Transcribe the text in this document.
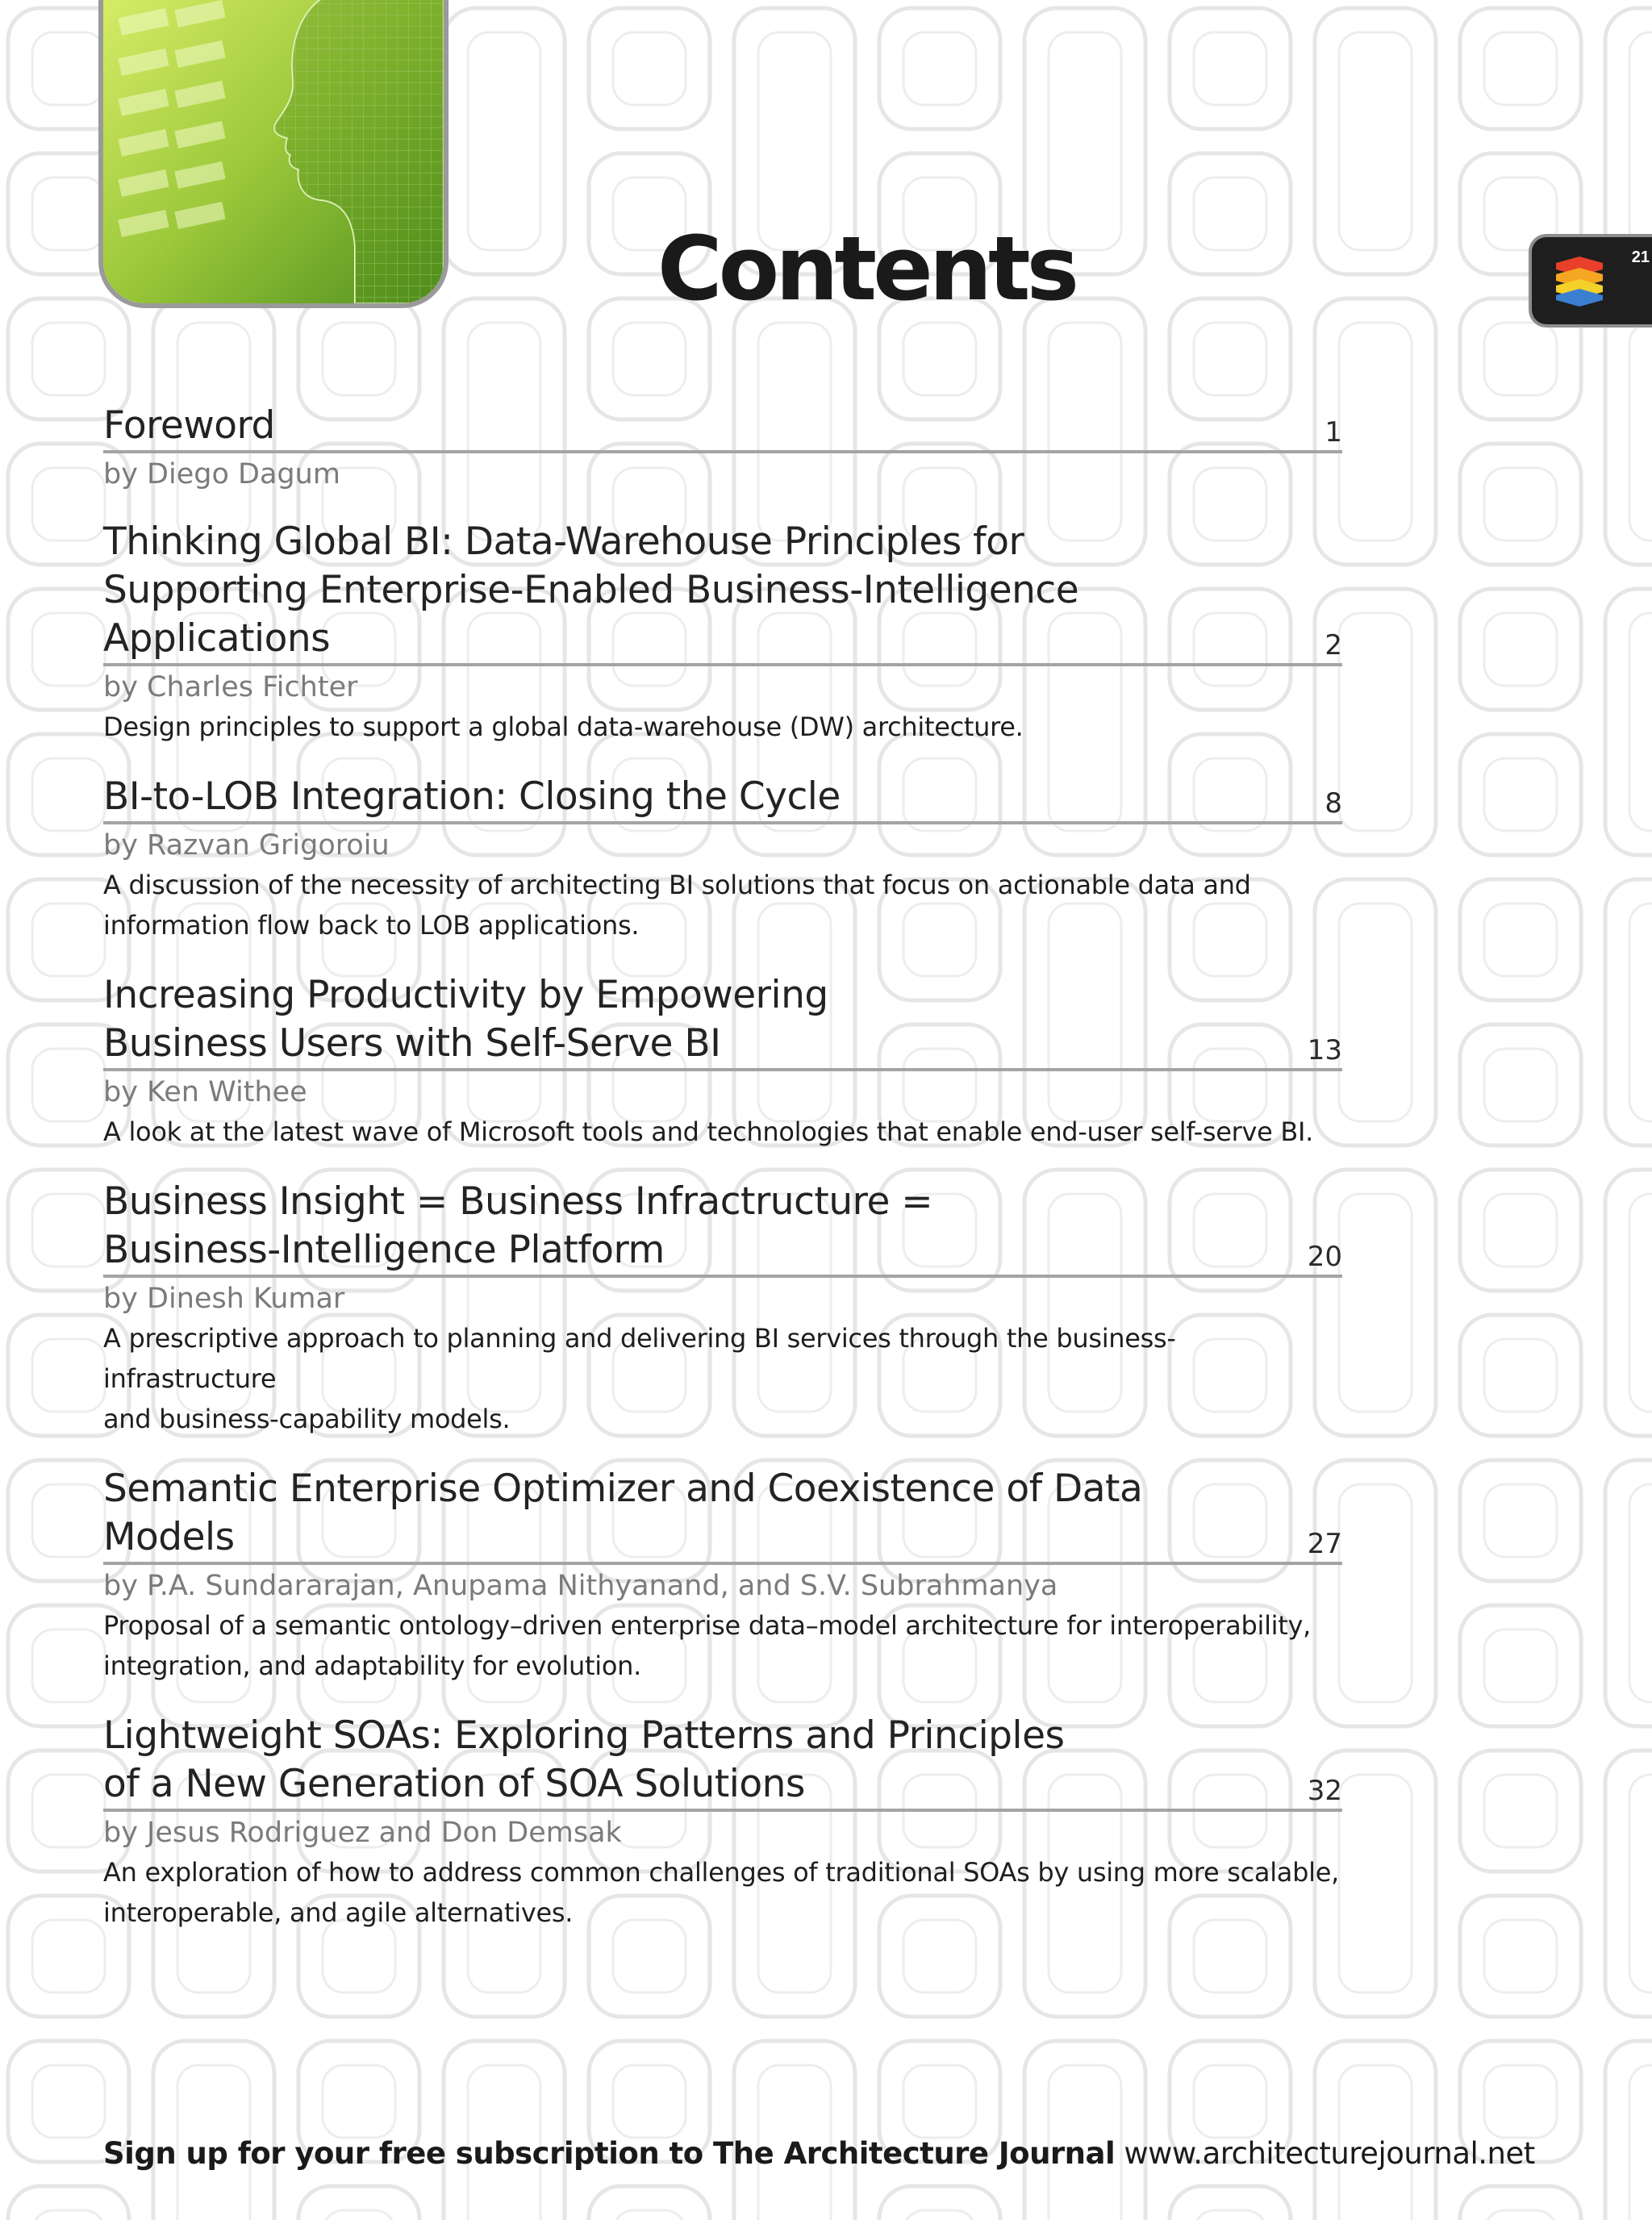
21
Contents
Foreword	1
by Diego Dagum
Thinking Global BI: Data-Warehouse Principles for
Supporting Enterprise-Enabled Business-Intelligence Applications	2
by Charles Fichter
Design principles to support a global data-warehouse (DW) architecture.
BI-to-LOB Integration: Closing the Cycle	8
by Razvan Grigoroiu
A discussion of the necessity of architecting BI solutions that focus on actionable data and
information flow back to LOB applications.
Increasing Productivity by Empowering
Business Users with Self-Serve BI	13
by Ken Withee
A look at the latest wave of Microsoft tools and technologies that enable end-user self-serve BI.
Business Insight = Business Infractructure =
Business-Intelligence Platform	20
by Dinesh Kumar
A prescriptive approach to planning and delivering BI services through the business-infrastructure
and business-capability models.
Semantic Enterprise Optimizer and Coexistence of Data Models	27
by P.A. Sundararajan, Anupama Nithyanand, and S.V. Subrahmanya
Proposal of a semantic ontology–driven enterprise data–model architecture for interoperability,
integration, and adaptability for evolution.
Lightweight SOAs: Exploring Patterns and Principles
of a New Generation of SOA Solutions	32
by Jesus Rodriguez and Don Demsak
An exploration of how to address common challenges of traditional SOAs by using more scalable,
interoperable, and agile alternatives.
Sign up for your free subscription to The Architecture Journal www.architecturejournal.net
